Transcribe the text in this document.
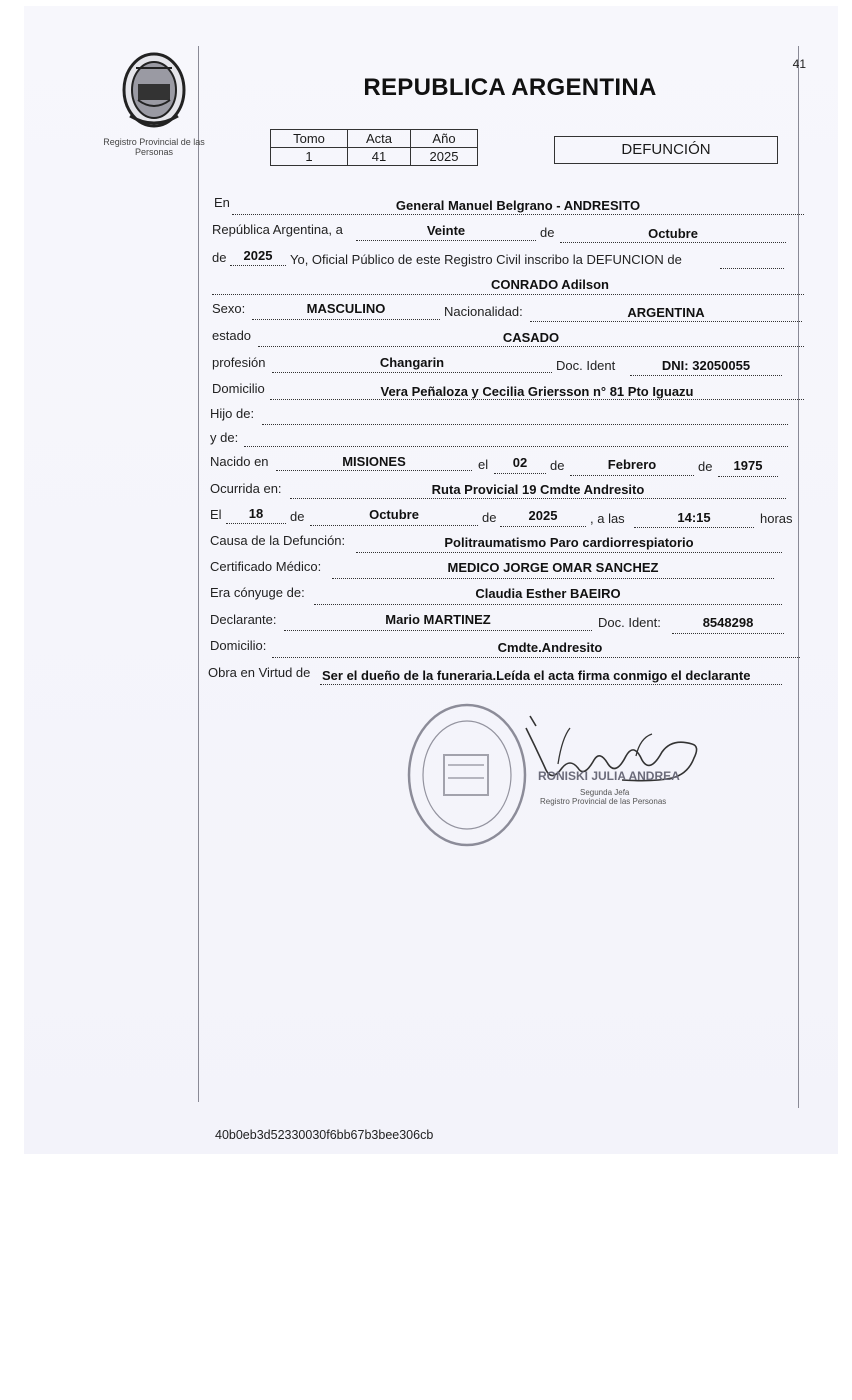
Registro Provincial de las Personas
41
REPUBLICA ARGENTINA
Tomo	Acta	Año
1	41	2025	DEFUNCIÓN
En	General Manuel Belgrano - ANDRESITO
República Argentina, a	Veinte	de	Octubre
de	2025	Yo, Oficial Público de este Registro Civil inscribo la DEFUNCION de
CONRADO Adilson
Sexo:	MASCULINO	Nacionalidad:	ARGENTINA
estado	CASADO
profesión	Changarin	Doc. Ident	DNI: 32050055
Domicilio	Vera Peñaloza y Cecilia Griersson n° 81 Pto Iguazu
Hijo de:
y de:
Nacido en	MISIONES	el	02	de	Febrero	de	1975
Ocurrida en:	Ruta Provicial 19 Cmdte Andresito
El	18	de	Octubre	de	2025	, a las	14:15	horas
Causa de la Defunción:	Politraumatismo Paro cardiorrespiatorio
Certificado Médico:	MEDICO JORGE OMAR SANCHEZ
Era cónyuge de:	Claudia Esther BAEIRO
Declarante:	Mario MARTINEZ	Doc. Ident:	8548298
Domicilio:	Cmdte.Andresito
Obra en Virtud de Ser el dueño de la funeraria.Leída el acta firma conmigo el declarante
RONISKI JULIA ANDREA
Segunda Jefa
Registro Provincial de las Personas
40b0eb3d52330030f6bb67b3bee306cb
